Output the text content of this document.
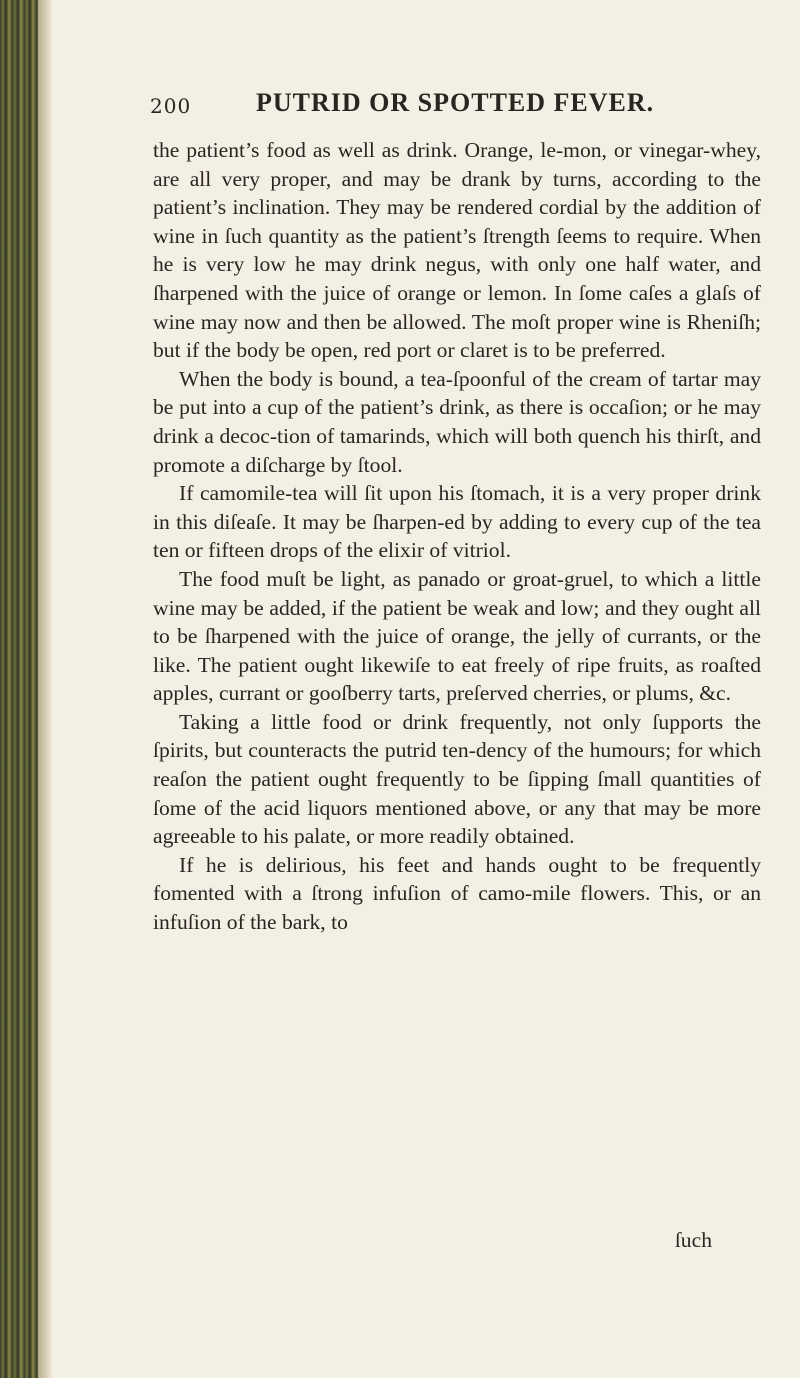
200 PUTRID OR SPOTTED FEVER.

the patient’s food as well as drink. Orange, le-mon, or vinegar-whey, are all very proper, and may be drank by turns, according to the patient’s inclination. They may be rendered cordial by the addition of wine in ſuch quantity as the patient’s ſtrength ſeems to require. When he is very low he may drink negus, with only one half water, and ſharpened with the juice of orange or lemon. In ſome caſes a glaſs of wine may now and then be allowed. The moſt proper wine is Rheniſh; but if the body be open, red port or claret is to be preferred.

When the body is bound, a tea-ſpoonful of the cream of tartar may be put into a cup of the patient’s drink, as there is occaſion; or he may drink a decoc-tion of tamarinds, which will both quench his thirſt, and promote a diſcharge by ſtool.

If camomile-tea will ſit upon his ſtomach, it is a very proper drink in this diſeaſe. It may be ſharpen-ed by adding to every cup of the tea ten or fifteen drops of the elixir of vitriol.

The food muſt be light, as panado or groat-gruel, to which a little wine may be added, if the patient be weak and low; and they ought all to be ſharpened with the juice of orange, the jelly of currants, or the like. The patient ought likewiſe to eat freely of ripe fruits, as roaſted apples, currant or gooſberry tarts, preſerved cherries, or plums, &c.

Taking a little food or drink frequently, not only ſupports the ſpirits, but counteracts the putrid ten-dency of the humours; for which reaſon the patient ought frequently to be ſipping ſmall quantities of ſome of the acid liquors mentioned above, or any that may be more agreeable to his palate, or more readily obtained.

If he is delirious, his feet and hands ought to be frequently fomented with a ſtrong infuſion of camo-mile flowers. This, or an infuſion of the bark, to

ſuch
